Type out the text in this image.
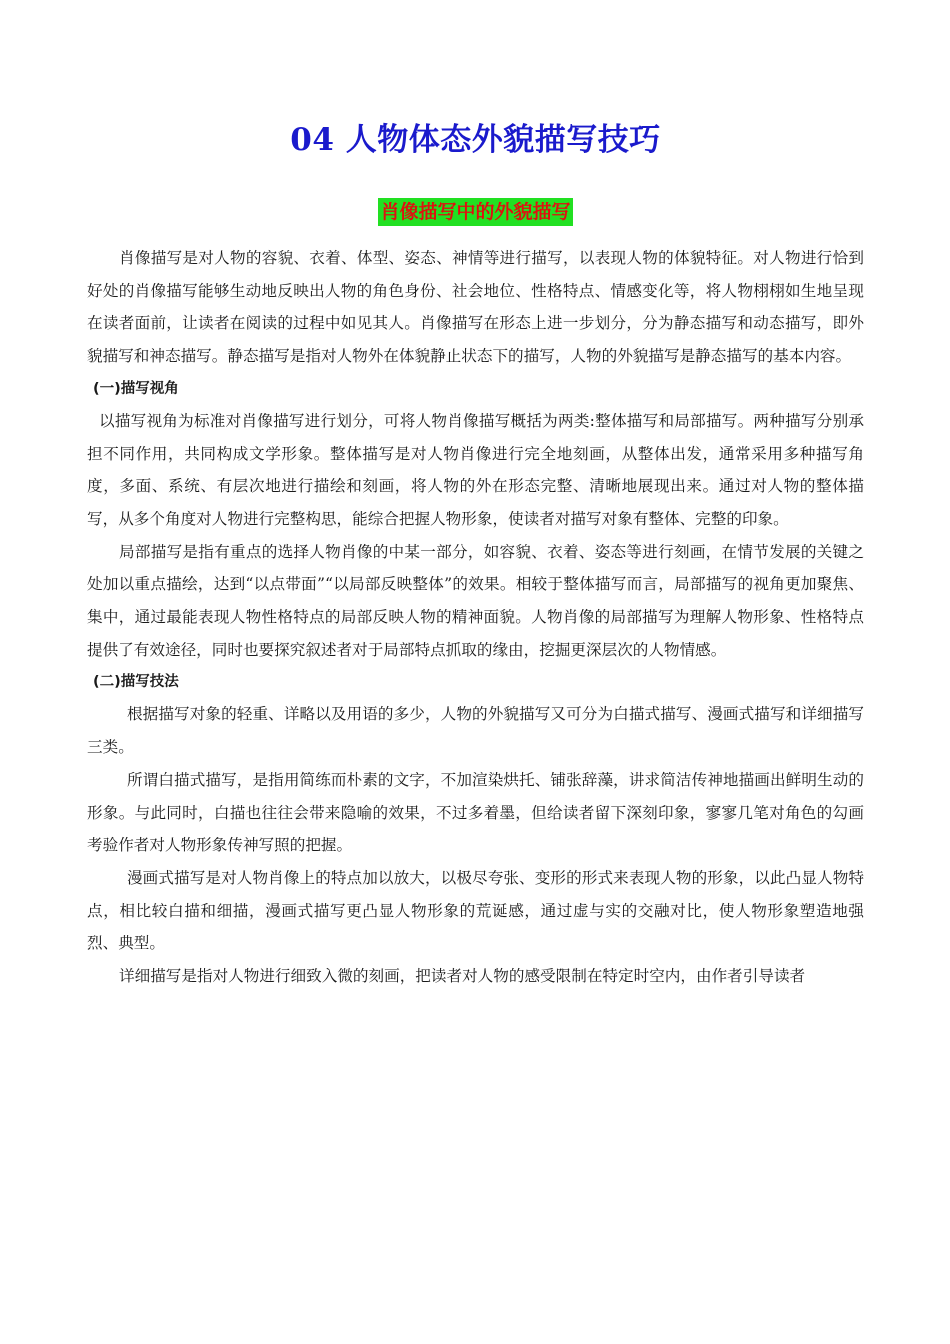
04 人物体态外貌描写技巧
肖像描写中的外貌描写

肖像描写是对人物的容貌、衣着、体型、姿态、神情等进行描写，以表现人物的体貌特征。对人物进行恰到好处的肖像描写能够生动地反映出人物的角色身份、社会地位、性格特点、情感变化等，将人物栩栩如生地呈现在读者面前，让读者在阅读的过程中如见其人。肖像描写在形态上进一步划分，分为静态描写和动态描写，即外貌描写和神态描写。静态描写是指对人物外在体貌静止状态下的描写，人物的外貌描写是静态描写的基本内容。

(一)描写视角

以描写视角为标准对肖像描写进行划分，可将人物肖像描写概括为两类:整体描写和局部描写。两种描写分别承担不同作用，共同构成文学形象。整体描写是对人物肖像进行完全地刻画，从整体出发，通常采用多种描写角度，多面、系统、有层次地进行描绘和刻画，将人物的外在形态完整、清晰地展现出来。通过对人物的整体描写，从多个角度对人物进行完整构思，能综合把握人物形象，使读者对描写对象有整体、完整的印象。

局部描写是指有重点的选择人物肖像的中某一部分，如容貌、衣着、姿态等进行刻画，在情节发展的关键之处加以重点描绘，达到“以点带面”“以局部反映整体”的效果。相较于整体描写而言，局部描写的视角更加聚焦、集中，通过最能表现人物性格特点的局部反映人物的精神面貌。人物肖像的局部描写为理解人物形象、性格特点提供了有效途径，同时也要探究叙述者对于局部特点抓取的缘由，挖掘更深层次的人物情感。

(二)描写技法

根据描写对象的轻重、详略以及用语的多少，人物的外貌描写又可分为白描式描写、漫画式描写和详细描写三类。

所谓白描式描写，是指用简练而朴素的文字，不加渲染烘托、铺张辞藻，讲求简洁传神地描画出鲜明生动的形象。与此同时，白描也往往会带来隐喻的效果，不过多着墨，但给读者留下深刻印象，寥寥几笔对角色的勾画考验作者对人物形象传神写照的把握。

漫画式描写是对人物肖像上的特点加以放大，以极尽夸张、变形的形式来表现人物的形象，以此凸显人物特点，相比较白描和细描，漫画式描写更凸显人物形象的荒诞感，通过虚与实的交融对比，使人物形象塑造地强烈、典型。

详细描写是指对人物进行细致入微的刻画，把读者对人物的感受限制在特定时空内，由作者引导读者
